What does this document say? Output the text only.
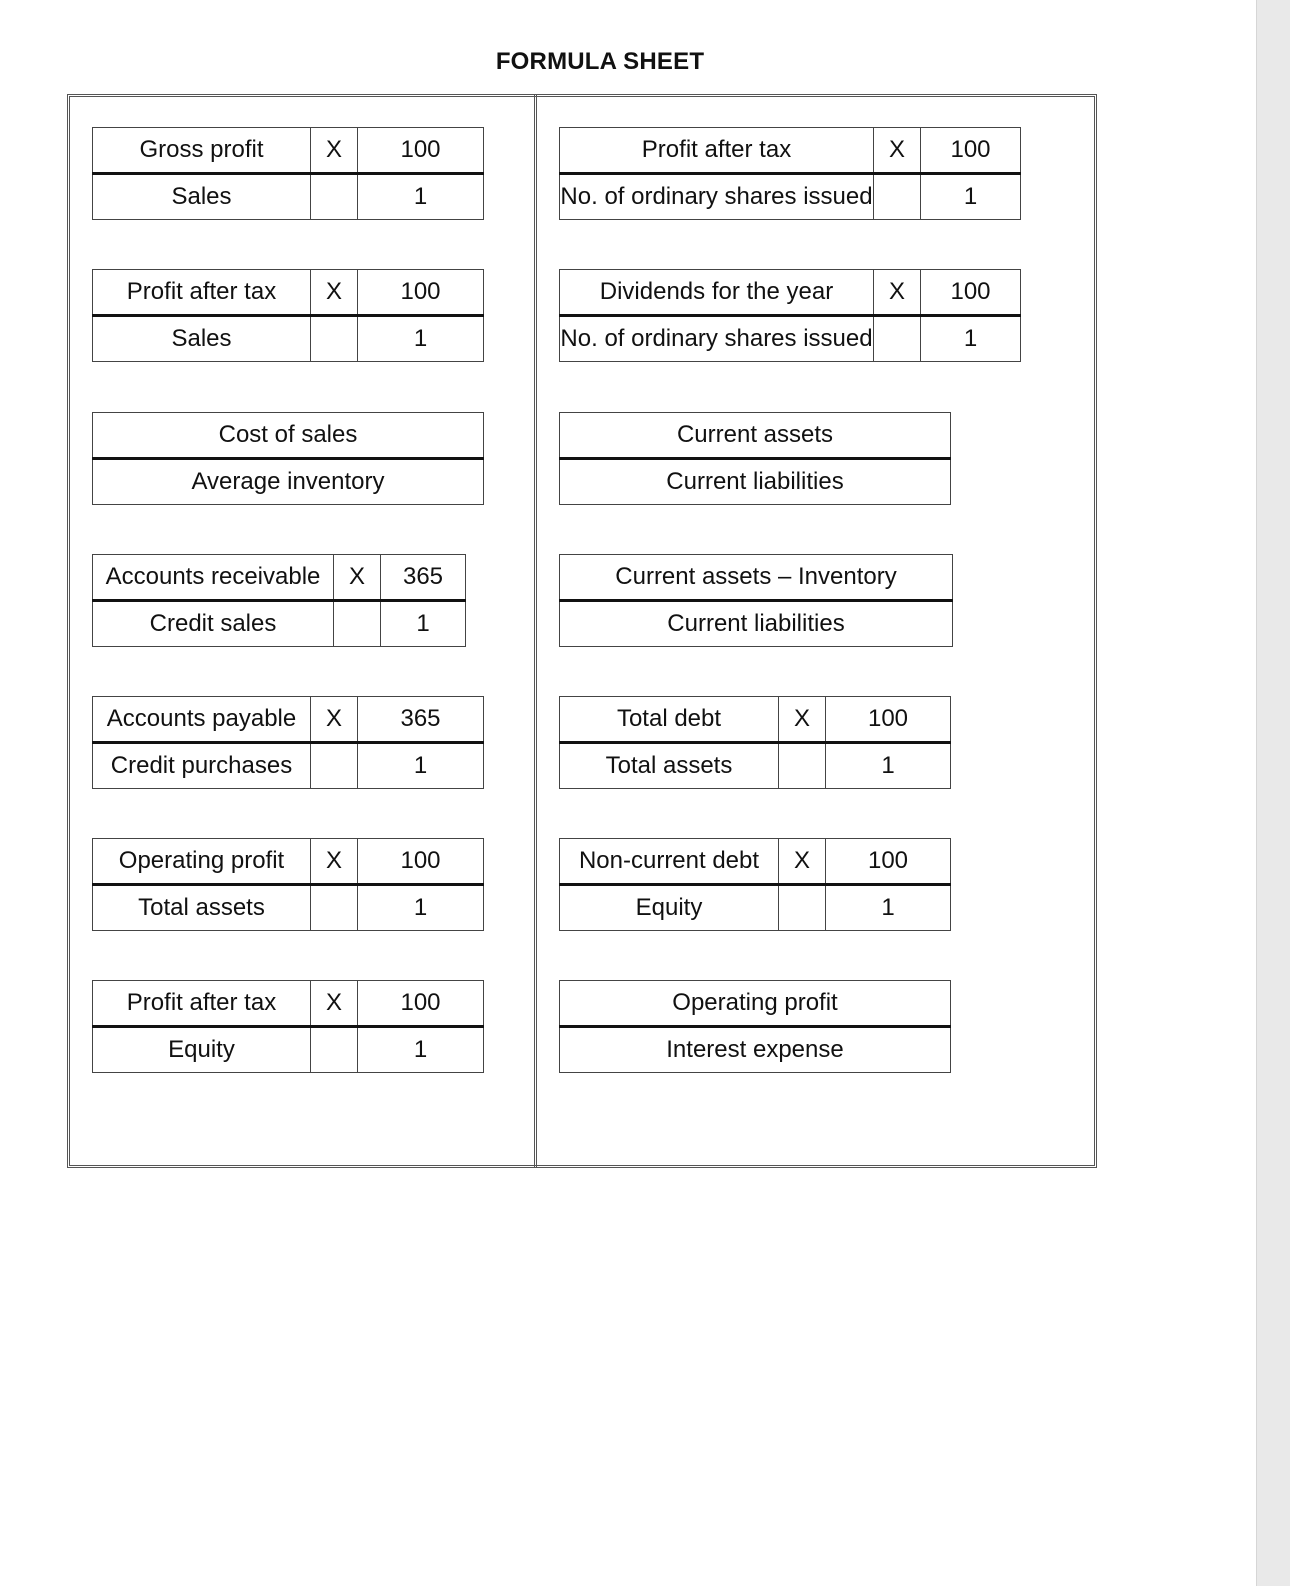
FORMULA SHEET
Gross profit	X	100
Sales		1
Profit after tax	X	100
Sales		1
Cost of sales
Average inventory
Accounts receivable	X	365
Credit sales		1
Accounts payable	X	365
Credit purchases		1
Operating profit	X	100
Total assets		1
Profit after tax	X	100
Equity		1
Profit after tax	X	100
No. of ordinary shares issued		1
Dividends for the year	X	100
No. of ordinary shares issued		1
Current assets
Current liabilities
Current assets – Inventory
Current liabilities
Total debt	X	100
Total assets		1
Non-current debt	X	100
Equity		1
Operating profit
Interest expense
